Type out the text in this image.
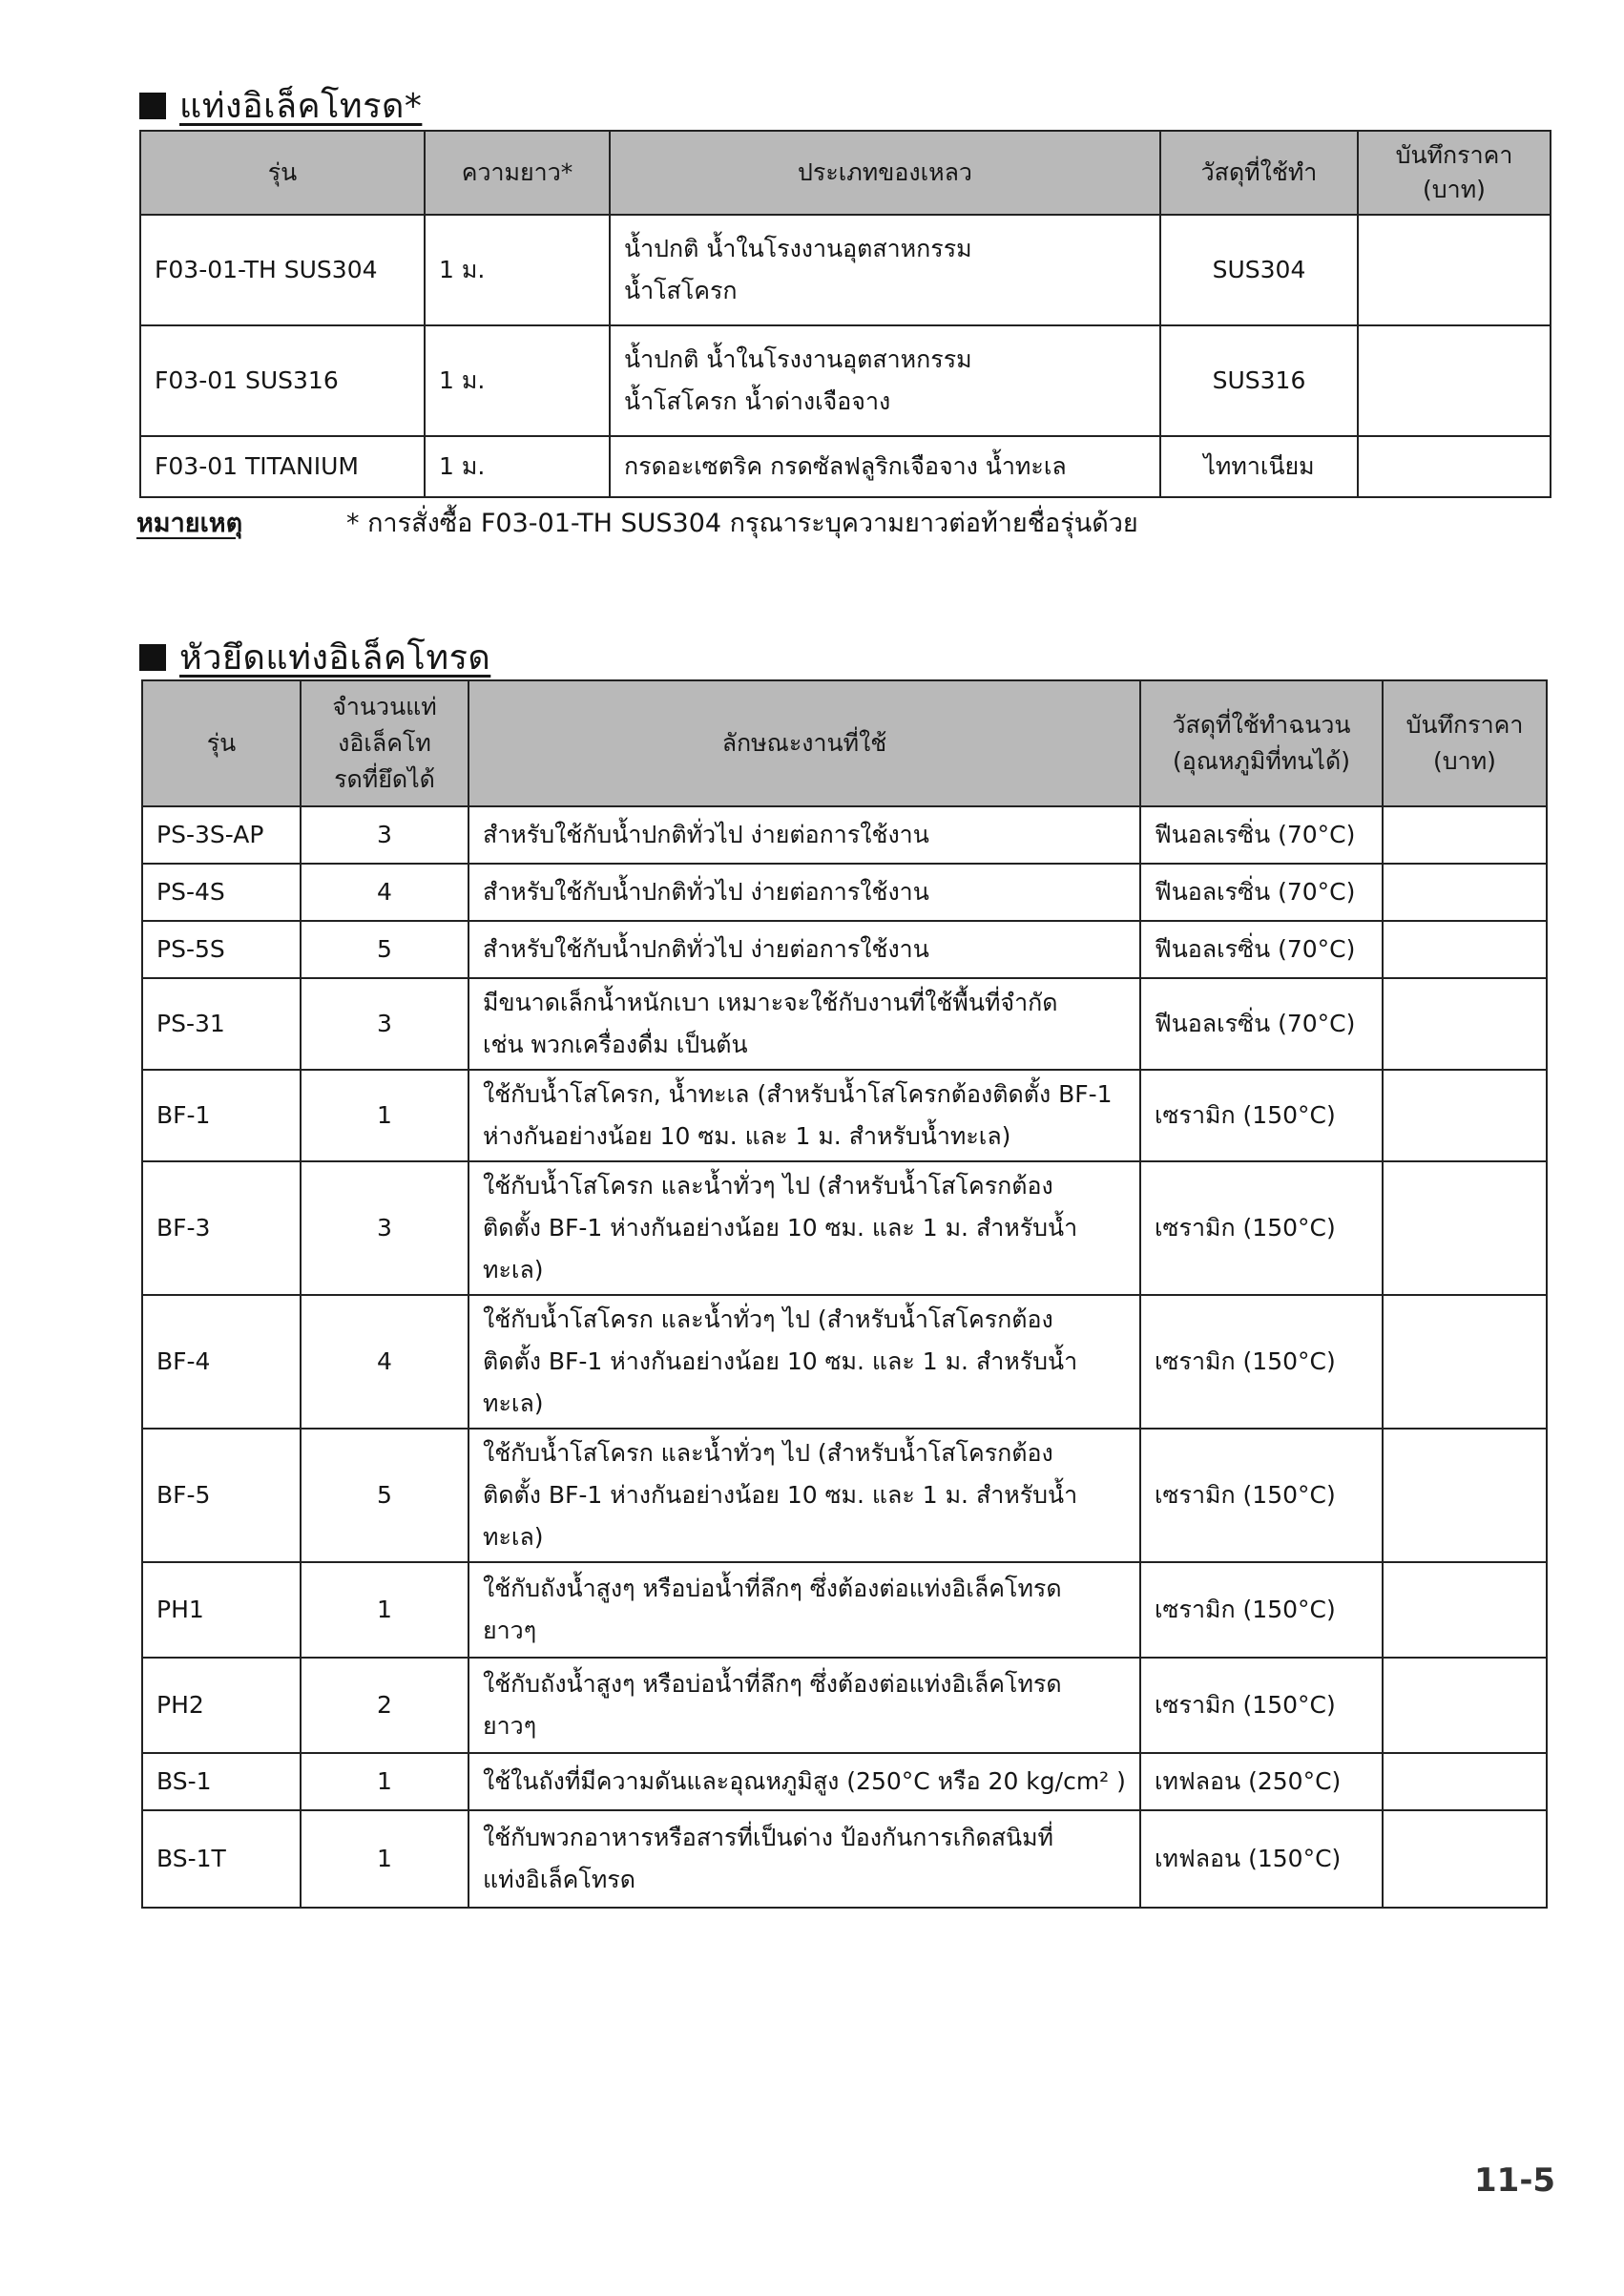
แท่งอิเล็คโทรด*
รุ่น	ความยาว*	ประเภทของเหลว	วัสดุที่ใช้ทำ	บันทึกราคา (บาท)
F03-01-TH SUS304	1 ม.	น้ำปกติ น้ำในโรงงานอุตสาหกรรม
น้ำโสโครก	SUS304	
F03-01 SUS316	1 ม.	น้ำปกติ น้ำในโรงงานอุตสาหกรรม
น้ำโสโครก น้ำด่างเจือจาง	SUS316	
F03-01 TITANIUM	1 ม.	กรดอะเซตริค กรดซัลฟลูริกเจือจาง น้ำทะเล	ไททาเนียม	
หมายเหตุ	* การสั่งซื้อ F03-01-TH SUS304 กรุณาระบุความยาวต่อท้ายชื่อรุ่นด้วย
หัวยึดแท่งอิเล็คโทรด
รุ่น	จำนวนแท่งอิเล็คโทรดที่ยึดได้	ลักษณะงานที่ใช้	วัสดุที่ใช้ทำฉนวน (อุณหภูมิที่ทนได้)	บันทึกราคา (บาท)
PS-3S-AP	3	สำหรับใช้กับน้ำปกติทั่วไป ง่ายต่อการใช้งาน	ฟีนอลเรซิ่น (70°C)	
PS-4S	4	สำหรับใช้กับน้ำปกติทั่วไป ง่ายต่อการใช้งาน	ฟีนอลเรซิ่น (70°C)	
PS-5S	5	สำหรับใช้กับน้ำปกติทั่วไป ง่ายต่อการใช้งาน	ฟีนอลเรซิ่น (70°C)	
PS-31	3	มีขนาดเล็กน้ำหนักเบา เหมาะจะใช้กับงานที่ใช้พื้นที่จำกัด
เช่น พวกเครื่องดื่ม เป็นต้น	ฟีนอลเรซิ่น (70°C)	
BF-1	1	ใช้กับน้ำโสโครก, น้ำทะเล (สำหรับน้ำโสโครกต้องติดตั้ง BF-1
ห่างกันอย่างน้อย 10 ซม. และ 1 ม. สำหรับน้ำทะเล)	เซรามิก (150°C)	
BF-3	3	ใช้กับน้ำโสโครก และน้ำทั่วๆ ไป (สำหรับน้ำโสโครกต้อง
ติดตั้ง BF-1 ห่างกันอย่างน้อย 10 ซม. และ 1 ม. สำหรับน้ำ
ทะเล)	เซรามิก (150°C)	
BF-4	4	ใช้กับน้ำโสโครก และน้ำทั่วๆ ไป (สำหรับน้ำโสโครกต้อง
ติดตั้ง BF-1 ห่างกันอย่างน้อย 10 ซม. และ 1 ม. สำหรับน้ำ
ทะเล)	เซรามิก (150°C)	
BF-5	5	ใช้กับน้ำโสโครก และน้ำทั่วๆ ไป (สำหรับน้ำโสโครกต้อง
ติดตั้ง BF-1 ห่างกันอย่างน้อย 10 ซม. และ 1 ม. สำหรับน้ำ
ทะเล)	เซรามิก (150°C)	
PH1	1	ใช้กับถังน้ำสูงๆ หรือบ่อน้ำที่ลึกๆ ซึ่งต้องต่อแท่งอิเล็คโทรด
ยาวๆ	เซรามิก (150°C)	
PH2	2	ใช้กับถังน้ำสูงๆ หรือบ่อน้ำที่ลึกๆ ซึ่งต้องต่อแท่งอิเล็คโทรด
ยาวๆ	เซรามิก (150°C)	
BS-1	1	ใช้ในถังที่มีความดันและอุณหภูมิสูง (250°C หรือ 20 kg/cm² )	เทฟลอน (250°C)	
BS-1T	1	ใช้กับพวกอาหารหรือสารที่เป็นด่าง ป้องกันการเกิดสนิมที่
แท่งอิเล็คโทรด	เทฟลอน (150°C)	
11-5
